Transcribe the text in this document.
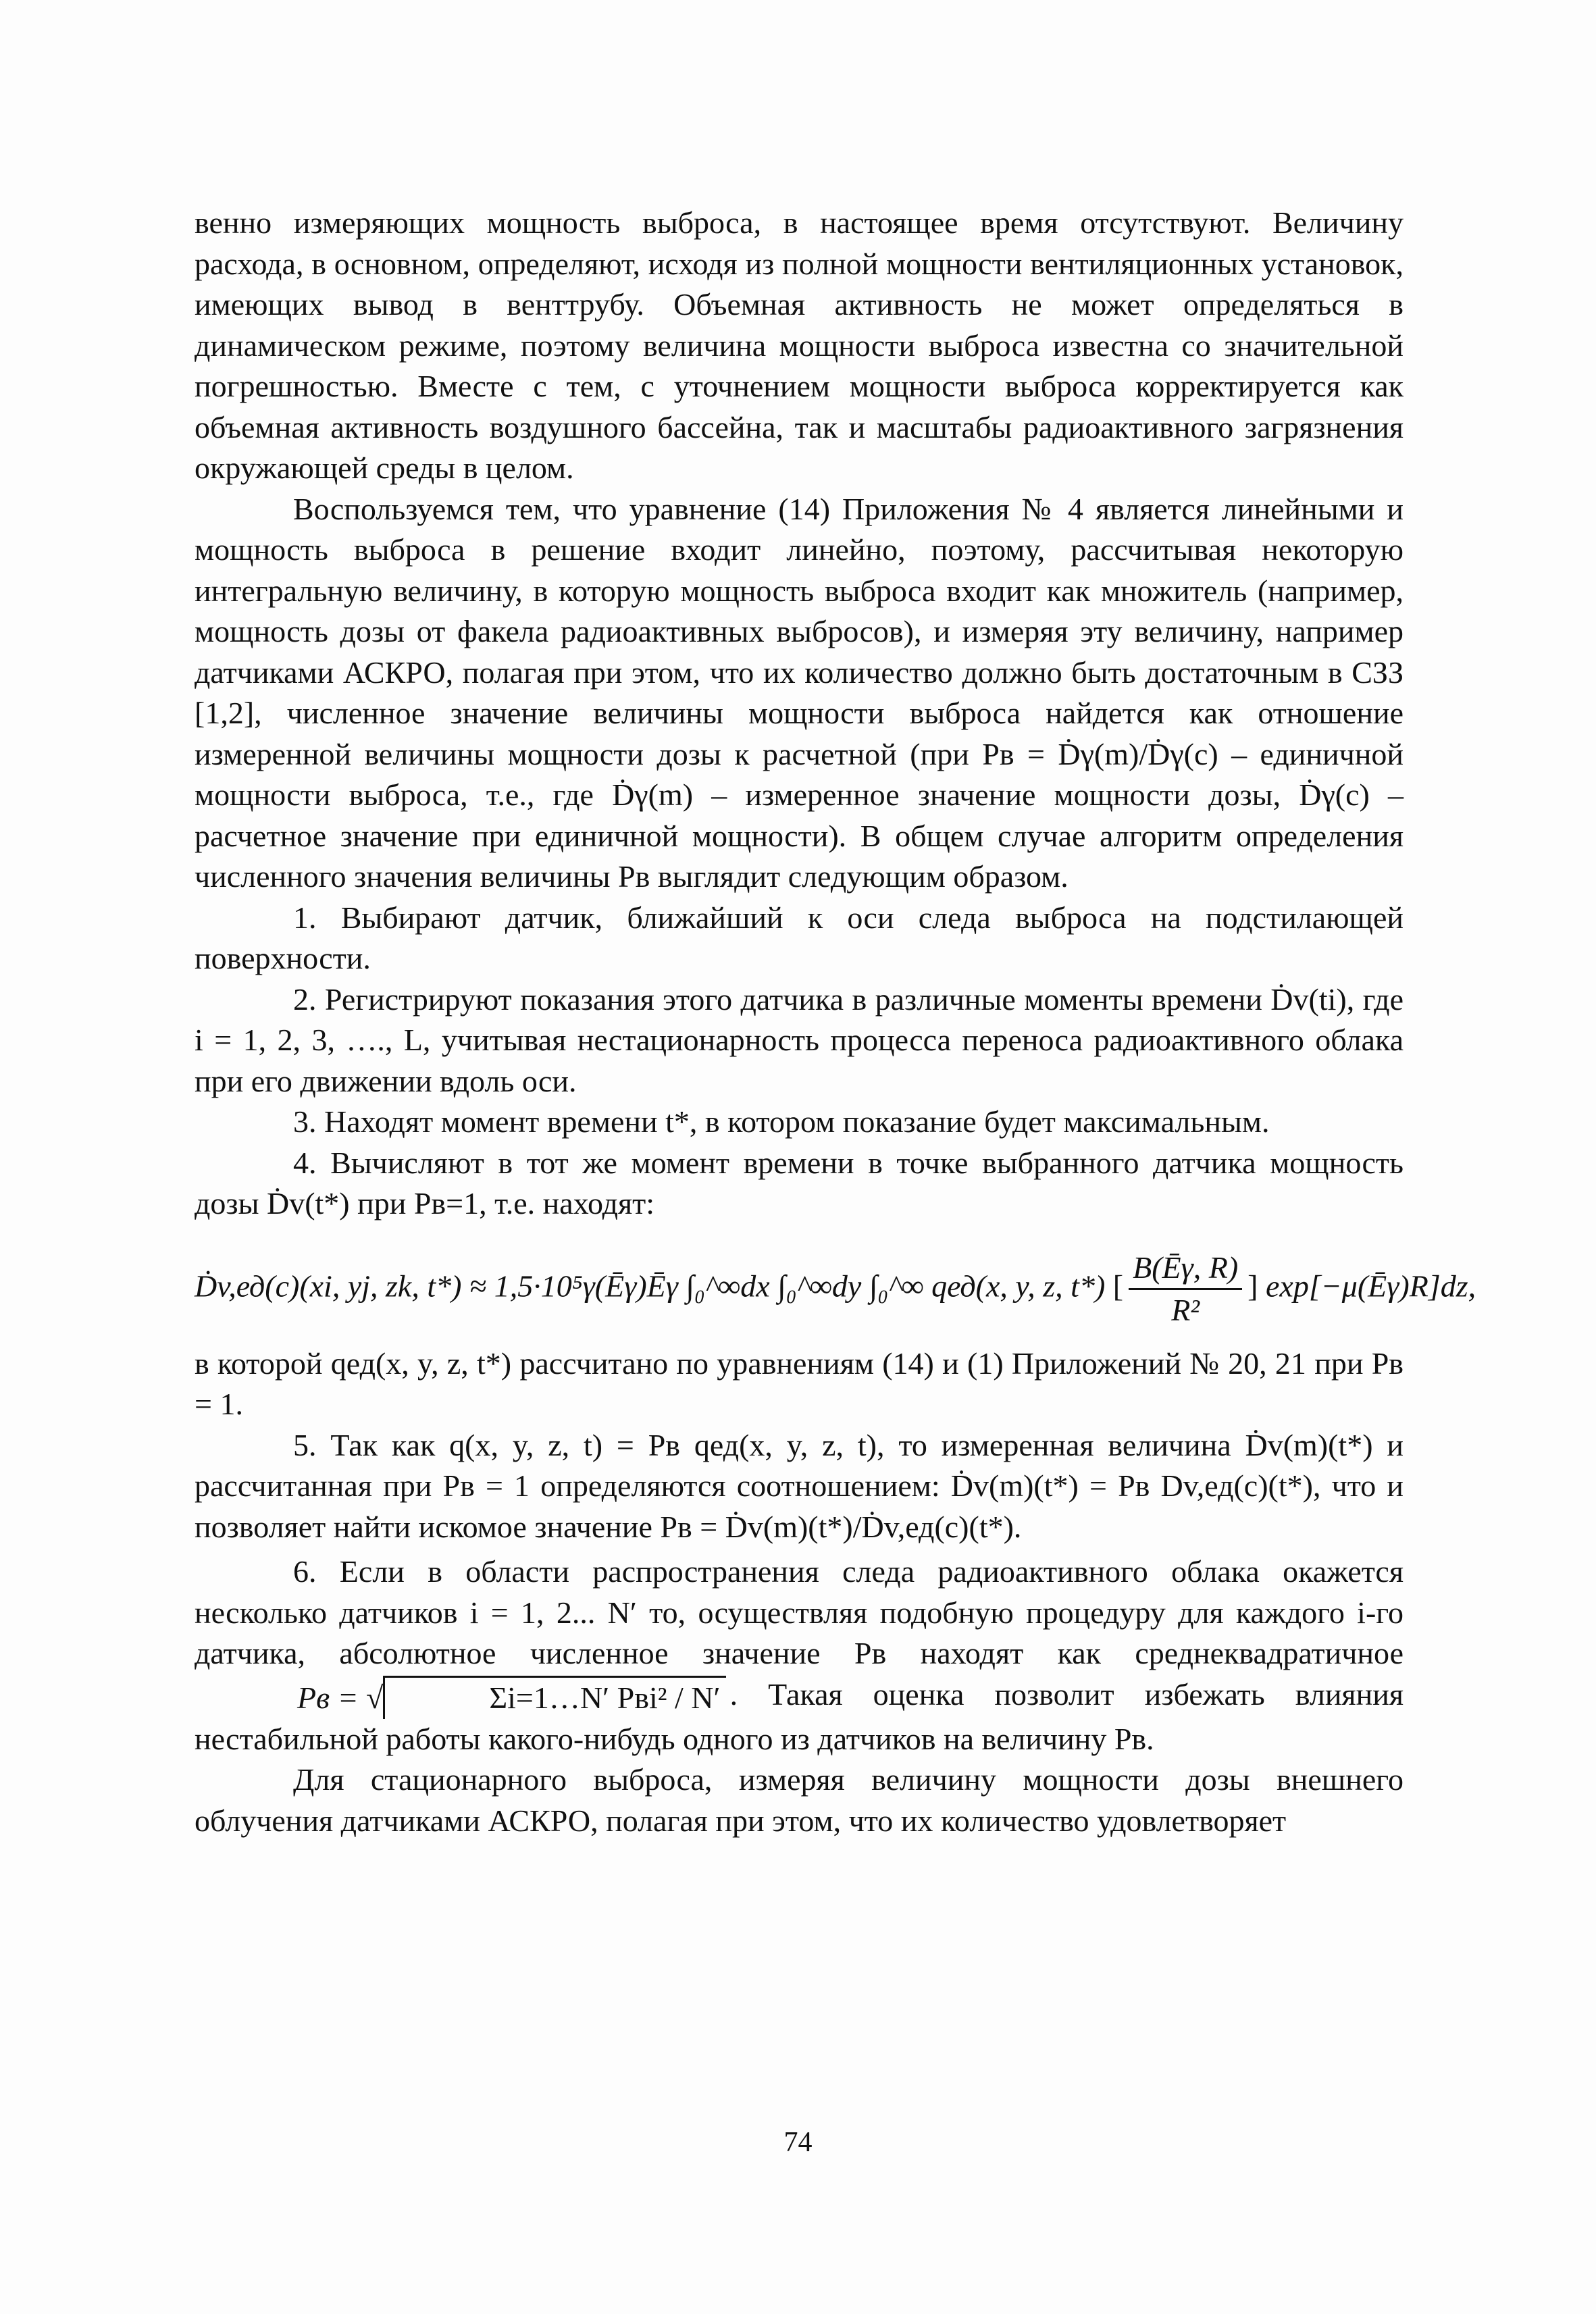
венно измеряющих мощность выброса, в настоящее время отсутствуют. Величину расхода, в основном, определяют, исходя из полной мощности вентиляционных установок, имеющих вывод в венттрубу. Объемная активность не может определяться в динамическом режиме, поэтому величина мощности выброса известна со значительной погрешностью. Вместе с тем, с уточнением мощности выброса корректируется как объемная активность воздушного бассейна, так и масштабы радиоактивного загрязнения окружающей среды в целом.

Воспользуемся тем, что уравнение (14) Приложения № 4 является линейными и мощность выброса в решение входит линейно, поэтому, рассчитывая некоторую интегральную величину, в которую мощность выброса входит как множитель (например, мощность дозы от факела радиоактивных выбросов), и измеряя эту величину, например датчиками АСКРО, полагая при этом, что их количество должно быть достаточным в СЗЗ [1,2], численное значение величины мощности выброса найдется как отношение измеренной величины мощности дозы к расчетной (при Pв = Ḋγ(m)/Ḋγ(c) – единичной мощности выброса, т.е., где Ḋγ(m) – измеренное значение мощности дозы, Ḋγ(c) – расчетное значение при единичной мощности). В общем случае алгоритм определения численного значения величины Pв выглядит следующим образом.

1. Выбирают датчик, ближайший к оси следа выброса на подстилающей поверхности.

2. Регистрируют показания этого датчика в различные моменты времени Ḋv(ti), где i = 1, 2, 3, …., L, учитывая нестационарность процесса переноса радиоактивного облака при его движении вдоль оси.

3. Находят момент времени t*, в котором показание будет максимальным.

4. Вычисляют в тот же момент времени в точке выбранного датчика мощность дозы Ḋv(t*) при Pв=1, т.е. находят:

Ḋv,ед(c)(xi, yj, zk, t*) ≈ 1,5·10⁵γ(Ēγ)Ēγ ∫₀^∞dx ∫₀^∞dy ∫₀^∞ qед(x, y, z, t*) [ $\frac{B(Ē\gamma, R)}{\text{R²}}$ ] exp[−μ(Ēγ)R]dz,

в которой qед(x, y, z, t*) рассчитано по уравнениям (14) и (1) Приложений № 20, 21 при Pв = 1.

5. Так как q(x, y, z, t) = Pв qед(x, y, z, t), то измеренная величина Ḋv(m)(t*) и рассчитанная при Pв = 1 определяются соотношением: Ḋv(m)(t*) = Pв Dv,ед(c)(t*), что и позволяет найти искомое значение Pв = Ḋv(m)(t*)/Ḋv,ед(c)(t*).

6. Если в области распространения следа радиоактивного облака окажется несколько датчиков i = 1, 2... N′ то, осуществляя подобную процедуру для каждого i-го датчика, абсолютное численное значение Pв находят как среднеквадратичное Pв = √	Σi=1…N′ Pвi² / N′ . Такая оценка позволит избежать влияния нестабильной работы какого-нибудь одного из датчиков на величину Pв.

Для стационарного выброса, измеряя величину мощности дозы внешнего облучения датчиками АСКРО, полагая при этом, что их количество удовлетворяет

74
